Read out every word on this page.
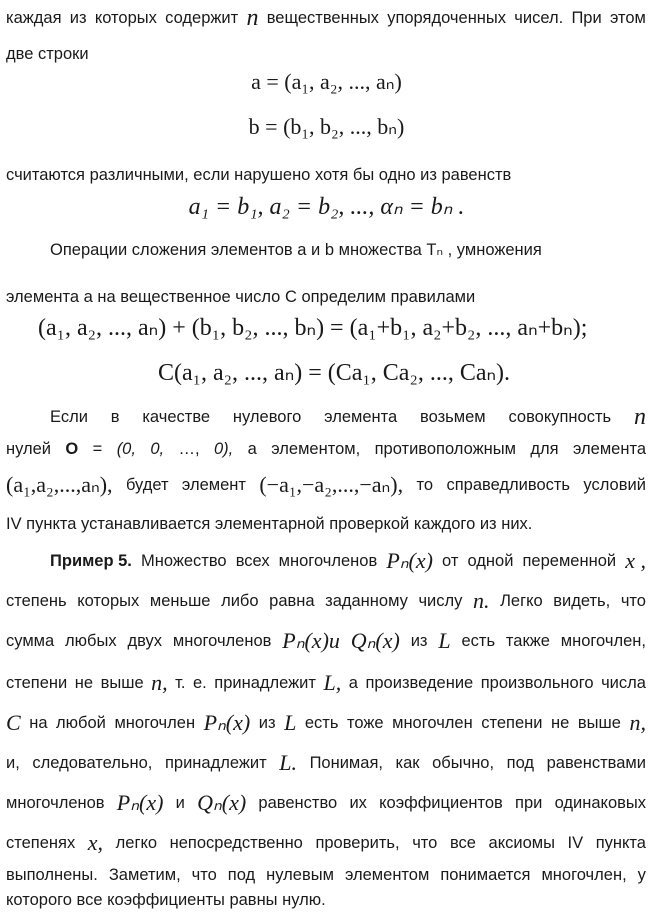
каждая из которых содержит n вещественных упорядоченных чисел. При этом
две строки
a = (a₁, a₂, ..., aₙ)
b = (b₁, b₂, ..., bₙ)
считаются различными, если нарушено хотя бы одно из равенств
a₁ = b₁, a₂ = b₂, ..., αₙ = bₙ .
Операции сложения элементов a и b множества Tₙ , умножения
элемента a на вещественное число C определим правилами
(a₁, a₂, ..., aₙ) + (b₁, b₂, ..., bₙ) = (a₁+b₁, a₂+b₂, ..., aₙ+bₙ);
C(a₁, a₂, ..., aₙ) = (Ca₁, Ca₂, ..., Caₙ).
Если в качестве нулевого элемента возьмем совокупность n
нулей O = (0, 0, …, 0), а элементом, противоположным для элемента
(a₁,a₂,...,aₙ), будет элемент (−a₁,−a₂,...,−aₙ), то справедливость условий
IV пункта устанавливается элементарной проверкой каждого из них.
Пример 5. Множество всех многочленов Pₙ(x) от одной переменной x ,
степень которых меньше либо равна заданному числу n. Легко видеть, что
сумма любых двух многочленов Pₙ(x)и Qₙ(x) из L есть также многочлен,
степени не выше n, т. е. принадлежит L, а произведение произвольного числа
C на любой многочлен Pₙ(x) из L есть тоже многочлен степени не выше n,
и, следовательно, принадлежит L. Понимая, как обычно, под равенствами
многочленов Pₙ(x) и Qₙ(x) равенство их коэффициентов при одинаковых
степенях x, легко непосредственно проверить, что все аксиомы IV пункта
выполнены. Заметим, что под нулевым элементом понимается многочлен, у
которого все коэффициенты равны нулю.
